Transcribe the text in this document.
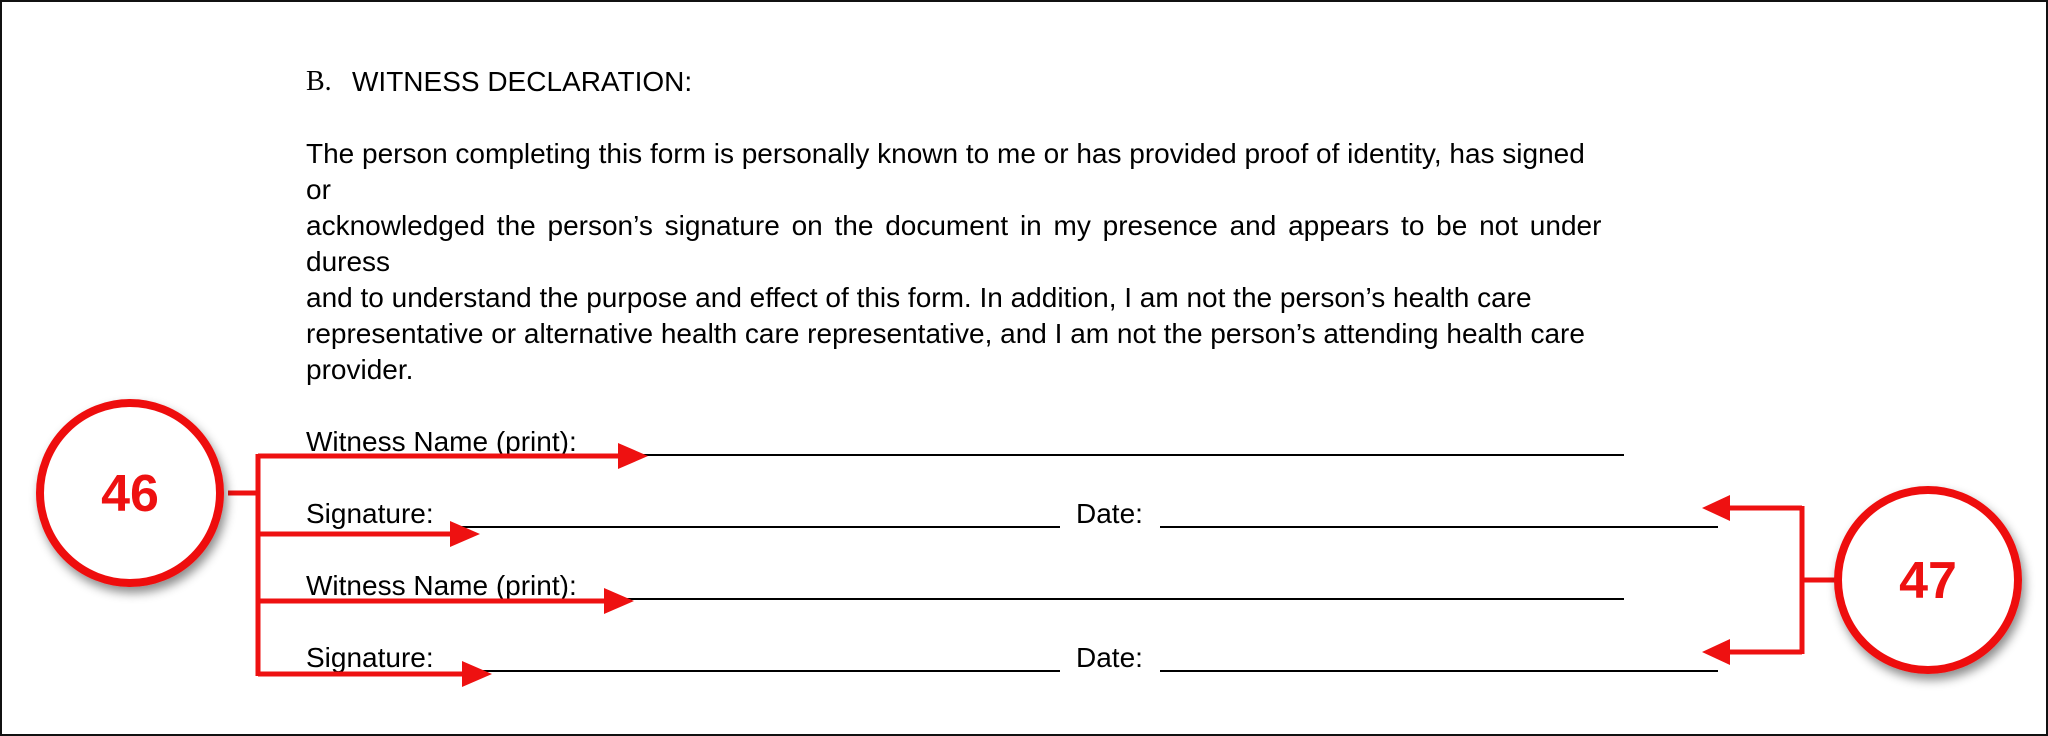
B. WITNESS DECLARATION:
The person completing this form is personally known to me or has provided proof of identity, has signed
or
acknowledged the person’s signature on the document in my presence and appears to be not under
duress
and to understand the purpose and effect of this form. In addition, I am not the person’s health care
representative or alternative health care representative, and I am not the person’s attending health care
provider.
Witness Name (print):
Signature:	Date:
Witness Name (print):
Signature:	Date:
46
47
